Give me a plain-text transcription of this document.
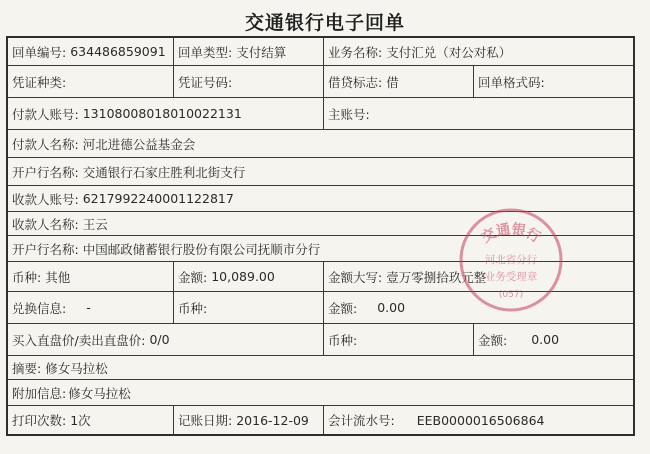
交通银行电子回单
回单编号: 634486859091 回单类型: 支付结算	业务名称: 支付汇兑（对公对私）
凭证种类:	凭证号码:	借贷标志: 借	回单格式码:
付款人账号: 13108008018010022131	主账号:
付款人名称: 河北进德公益基金会
开户行名称: 交通银行石家庄胜利北街支行
收款人账号: 6217992240001122817
收款人名称: 王云
开户行名称: 中国邮政储蓄银行股份有限公司抚顺市分行
币种: 其他	金额: 10,089.00	金额大写: 壹万零捌拾玖元整
兑换信息: -	币种:	金额: 0.00
买入直盘价/卖出直盘价: 0/0	币种:	金额: 0.00
摘要: 修女马拉松
附加信息: 修女马拉松
打印次数: 1次	记账日期: 2016-12-09 会计流水号: EEB0000016506864
交通银行
河北省分行
业务受理章
(057)
